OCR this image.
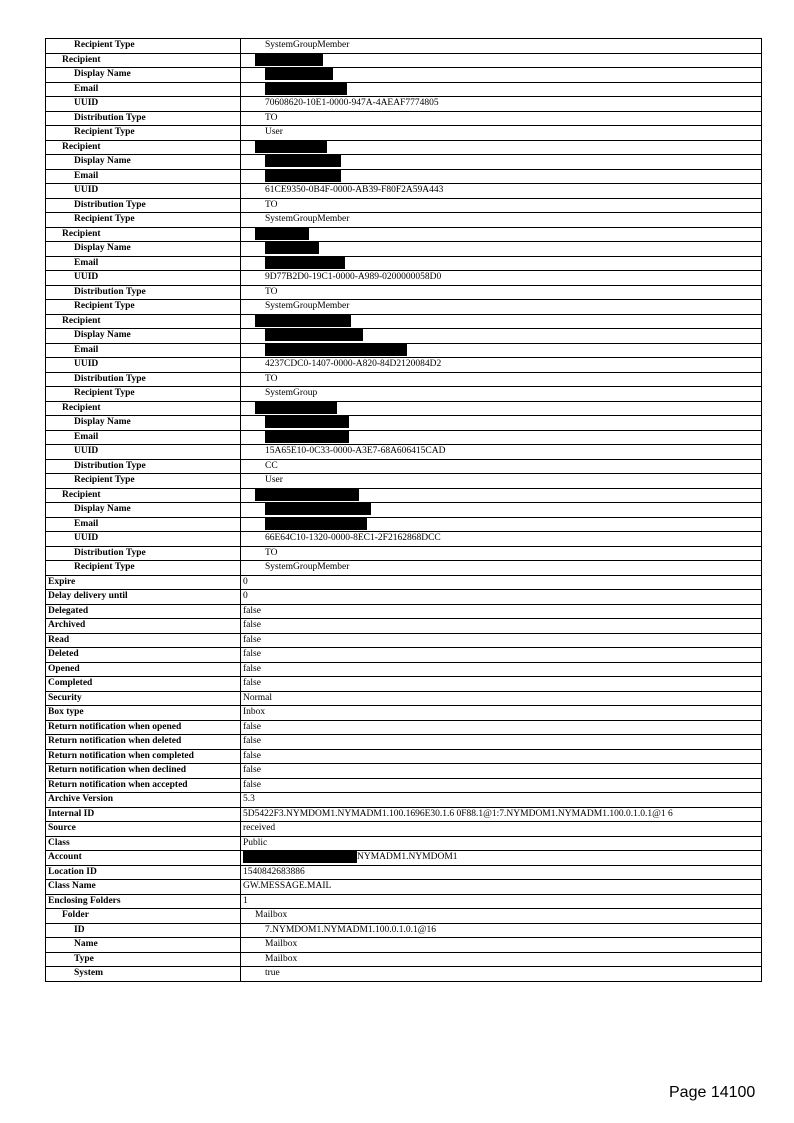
Recipient Type	SystemGroupMember
Recipient	
Display Name	
Email	
UUID	70608620-10E1-0000-947A-4AEAF7774805
Distribution Type	TO
Recipient Type	User
Recipient	
Display Name	
Email	
UUID	61CE9350-0B4F-0000-AB39-F80F2A59A443
Distribution Type	TO
Recipient Type	SystemGroupMember
Recipient	
Display Name	
Email	
UUID	9D77B2D0-19C1-0000-A989-0200000058D0
Distribution Type	TO
Recipient Type	SystemGroupMember
Recipient	
Display Name	
Email	
UUID	4237CDC0-1407-0000-A820-84D2120084D2
Distribution Type	TO
Recipient Type	SystemGroup
Recipient	
Display Name	
Email	
UUID	15A65E10-0C33-0000-A3E7-68A606415CAD
Distribution Type	CC
Recipient Type	User
Recipient	
Display Name	
Email	
UUID	66E64C10-1320-0000-8EC1-2F2162868DCC
Distribution Type	TO
Recipient Type	SystemGroupMember
Expire	0
Delay delivery until	0
Delegated	false
Archived	false
Read	false
Deleted	false
Opened	false
Completed	false
Security	Normal
Box type	Inbox
Return notification when opened	false
Return notification when deleted	false
Return notification when completed	false
Return notification when declined	false
Return notification when accepted	false
Archive Version	5.3
Internal ID	5D5422F3.NYMDOM1.NYMADM1.100.1696E30.1.6 0F88.1@1:7.NYMDOM1.NYMADM1.100.0.1.0.1@1 6
Source	received
Class	Public
Account	NYMADM1.NYMDOM1
Location ID	1540842683886
Class Name	GW.MESSAGE.MAIL
Enclosing Folders	1
Folder	Mailbox
ID	7.NYMDOM1.NYMADM1.100.0.1.0.1@16
Name	Mailbox
Type	Mailbox
System	true
Page 14100
